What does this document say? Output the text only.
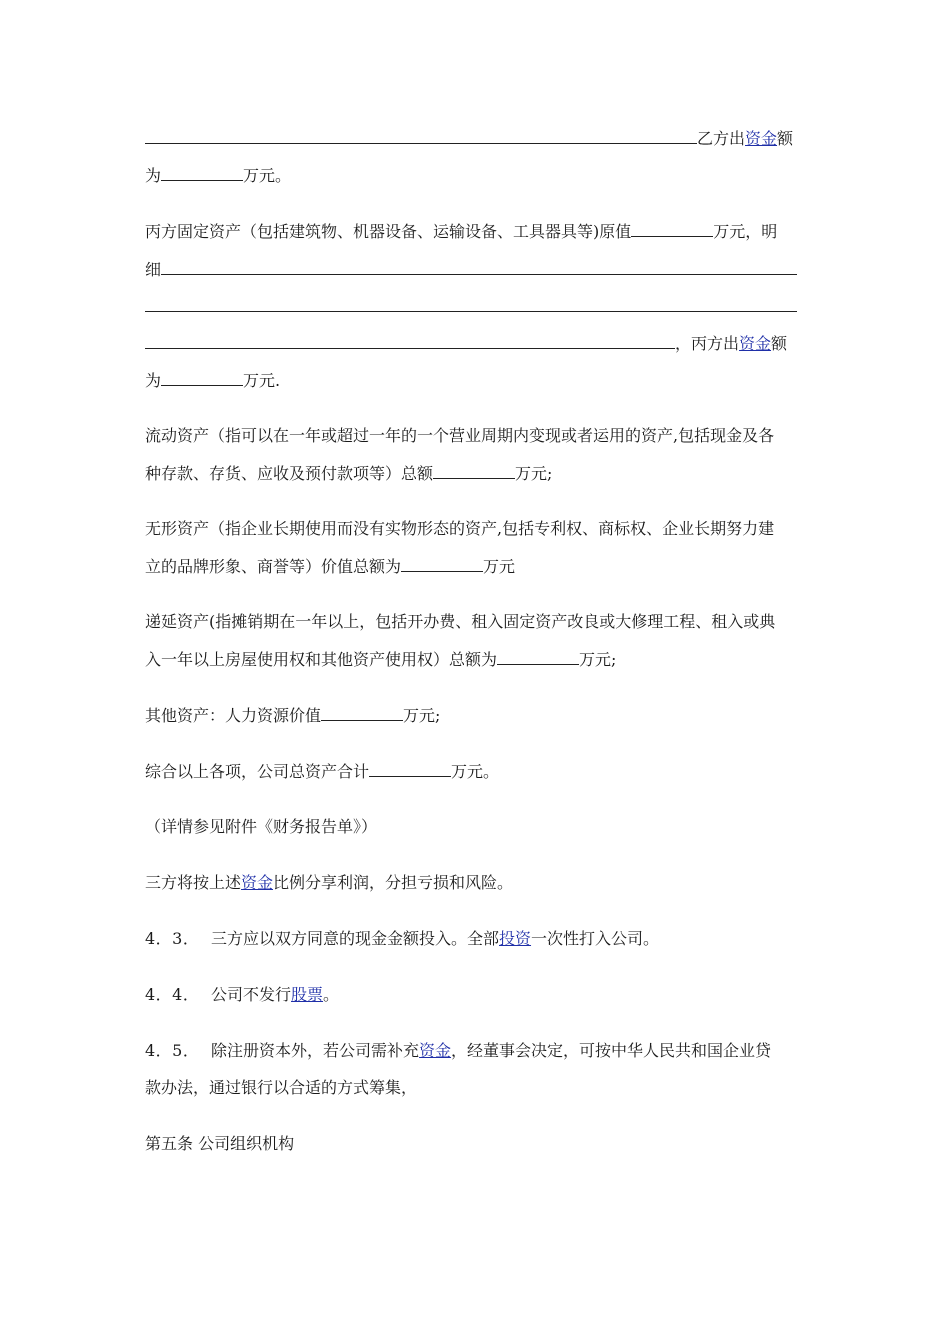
乙方出资金额
为	万元。
丙方固定资产（包括建筑物、机器设备、运输设备、工具器具等)原值	万元，明
细
，丙方出资金额
为	万元.
流动资产（指可以在一年或超过一年的一个营业周期内变现或者运用的资产,包括现金及各
种存款、存货、应收及预付款项等）总额	万元;
无形资产（指企业长期使用而没有实物形态的资产,包括专利权、商标权、企业长期努力建
立的品牌形象、商誉等）价值总额为	万元
递延资产(指摊销期在一年以上，包括开办费、租入固定资产改良或大修理工程、租入或典
入一年以上房屋使用权和其他资产使用权）总额为	万元;
其他资产：人力资源价值	万元;
综合以上各项，公司总资产合计	万元。
（详情参见附件《财务报告单》）
三方将按上述资金比例分享利润，分担亏损和风险。
4．3． 三方应以双方同意的现金金额投入。全部投资一次性打入公司。
4．4． 公司不发行股票。
4．5． 除注册资本外，若公司需补充资金，经董事会决定，可按中华人民共和国企业贷
款办法，通过银行以合适的方式筹集，
第五条 公司组织机构
